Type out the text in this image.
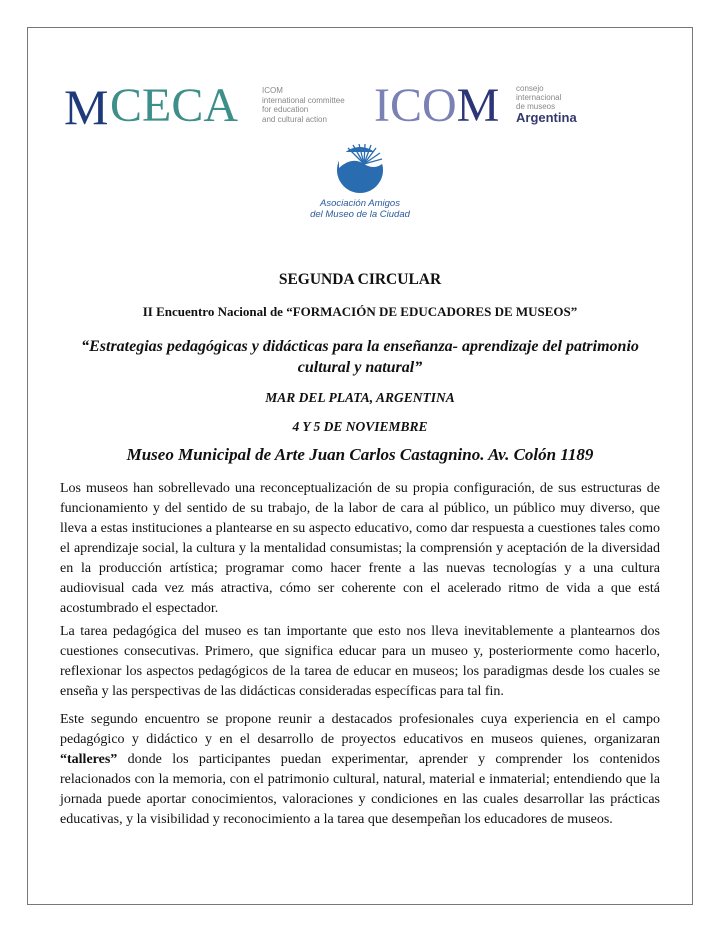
M CECA	ICOM
international committee
for education
and cultural action ICOM consejo
internacional
de museos
Argentina
Asociación Amigos
del Museo de la Ciudad
SEGUNDA CIRCULAR
II Encuentro Nacional de “FORMACIÓN DE EDUCADORES DE MUSEOS”
“Estrategias pedagógicas y didácticas para la enseñanza- aprendizaje del patrimonio cultural y natural”
MAR DEL PLATA, ARGENTINA
4 Y 5 DE NOVIEMBRE
Museo Municipal de Arte Juan Carlos Castagnino. Av. Colón 1189
Los museos han sobrellevado una reconceptualización de su propia configuración, de sus estructuras de funcionamiento y del sentido de su trabajo, de la labor de cara al público, un público muy diverso, que lleva a estas instituciones a plantearse en su aspecto educativo, como dar respuesta a cuestiones tales como el aprendizaje social, la cultura y la mentalidad consumistas; la comprensión y aceptación de la diversidad en la producción artística; programar como hacer frente a las nuevas tecnologías y a una cultura audiovisual cada vez más atractiva, cómo ser coherente con el acelerado ritmo de vida a que está acostumbrado el espectador.
La tarea pedagógica del museo es tan importante que esto nos lleva inevitablemente a plantearnos dos cuestiones consecutivas. Primero, que significa educar para un museo y, posteriormente como hacerlo, reflexionar los aspectos pedagógicos de la tarea de educar en museos; los paradigmas desde los cuales se enseña y las perspectivas de las didácticas consideradas específicas para tal fin.
Este segundo encuentro se propone reunir a destacados profesionales cuya experiencia en el campo pedagógico y didáctico y en el desarrollo de proyectos educativos en museos quienes, organizaran “talleres” donde los participantes puedan experimentar, aprender y comprender los contenidos relacionados con la memoria, con el patrimonio cultural, natural, material e inmaterial; entendiendo que la jornada puede aportar conocimientos, valoraciones y condiciones en las cuales desarrollar las prácticas educativas, y la visibilidad y reconocimiento a la tarea que desempeñan los educadores de museos.
